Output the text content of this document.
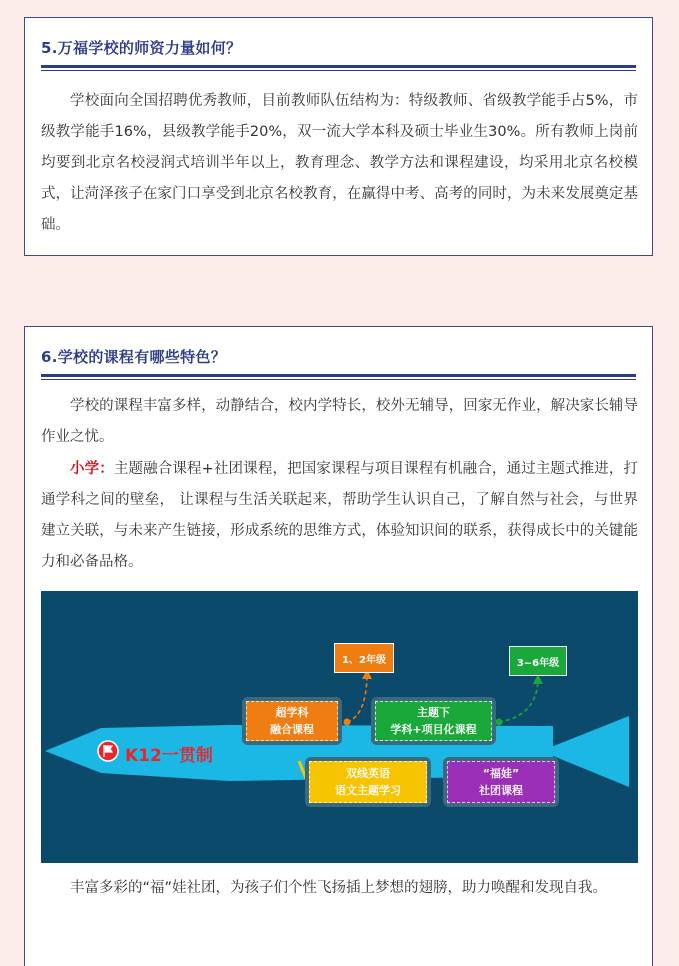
5.万福学校的师资力量如何？

学校面向全国招聘优秀教师，目前教师队伍结构为：特级教师、省级教学能手占5%，市级教学能手16%，县级教学能手20%，双一流大学本科及硕士毕业生30%。所有教师上岗前均要到北京名校浸润式培训半年以上，教育理念、教学方法和课程建设，均采用北京名校模式，让菏泽孩子在家门口享受到北京名校教育，在赢得中考、高考的同时，为未来发展奠定基础。

6.学校的课程有哪些特色？

学校的课程丰富多样，动静结合，校内学特长，校外无辅导，回家无作业，解决家长辅导作业之忧。

小学：主题融合课程+社团课程，把国家课程与项目课程有机融合，通过主题式推进，打通学科之间的壁垒， 让课程与生活关联起来，帮助学生认识自己，了解自然与社会，与世界建立关联，与未来产生链接，形成系统的思维方式，体验知识间的联系，获得成长中的关键能力和必备品格。

K12一贯制
1、2年级	3~6年级
超学科
融合课程
主题下
学科+项目化课程
双线英语
语文主题学习
“福娃”
社团课程

丰富多彩的“福”娃社团，为孩子们个性飞扬插上梦想的翅膀，助力唤醒和发现自我。
